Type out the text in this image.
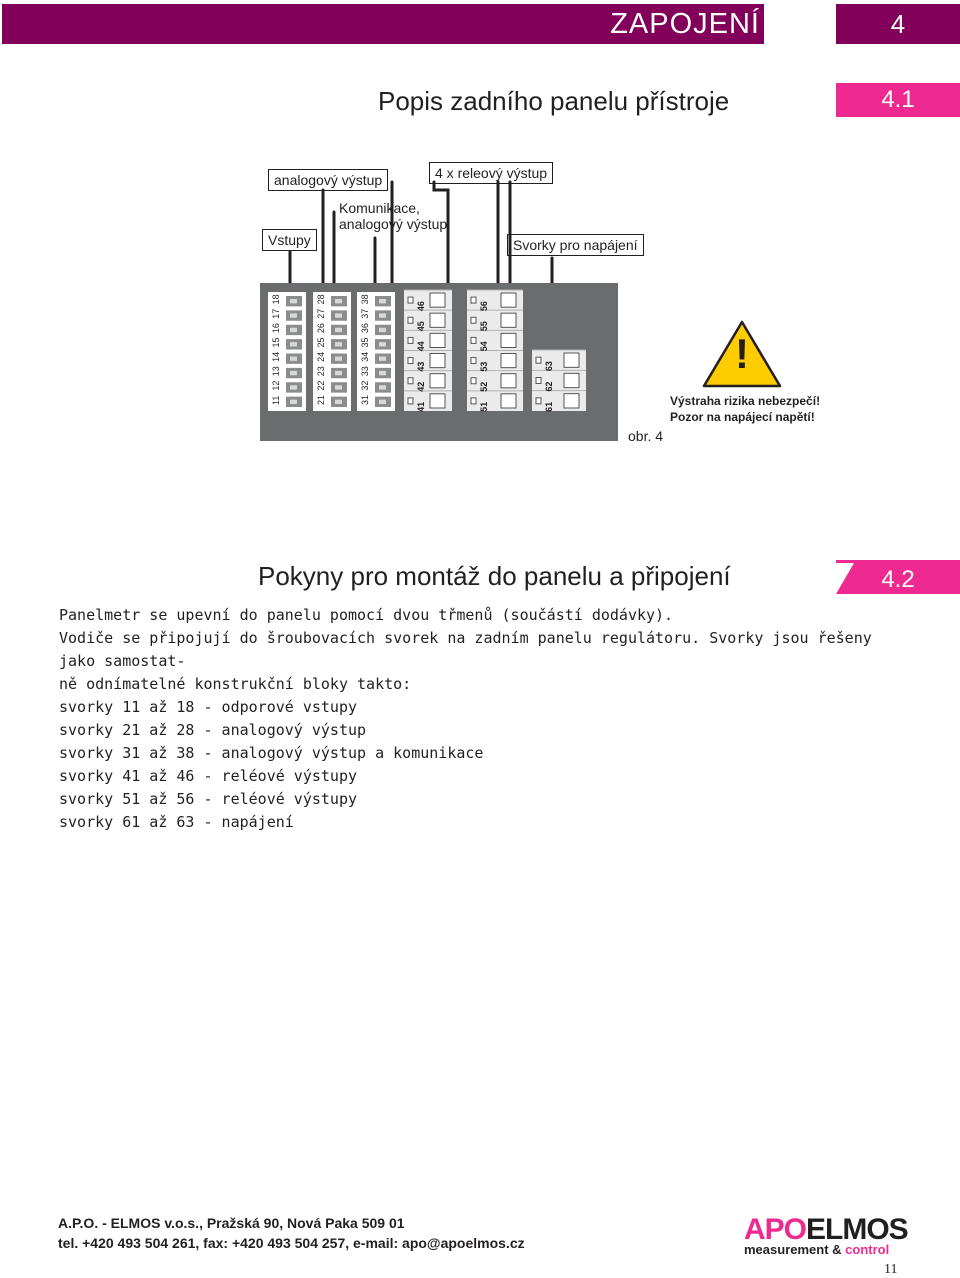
ZAPOJENÍ	4
Popis zadního panelu přístroje	4.1
analogový výstup	4 x releový výstup
Vstupy
Komunikace,
analogový výstup
Svorky pro napájení
11
12
13
14
15
16
17
18
21
22
23
24
25
26
27
28
31
32
33
34
35
36
37
38
41
42
43
44
45
46
51
52
53
54
55
56
61
62
63
obr. 4
!
Výstraha rizika nebezpečí!
Pozor na napájecí napětí!
Pokyny pro montáž do panelu a připojení	4.2

Panelmetr se upevní do panelu pomocí dvou třmenů (součástí dodávky).

Vodiče se připojují do šroubovacích svorek na zadním panelu regulátoru. Svorky jsou řešeny jako samostat-

ně odnímatelné konstrukční bloky takto:

svorky 11 až 18 - odporové vstupy

svorky 21 až 28 - analogový výstup

svorky 31 až 38 - analogový výstup a komunikace

svorky 41 až 46 - reléové výstupy

svorky 51 až 56 - reléové výstupy

svorky 61 až 63 - napájení

A.P.O. - ELMOS v.o.s., Pražská 90, Nová Paka 509 01
tel. +420 493 504 261, fax: +420 493 504 257, e-mail: apo@apoelmos.cz	APOELMOS
measurement & control
11
